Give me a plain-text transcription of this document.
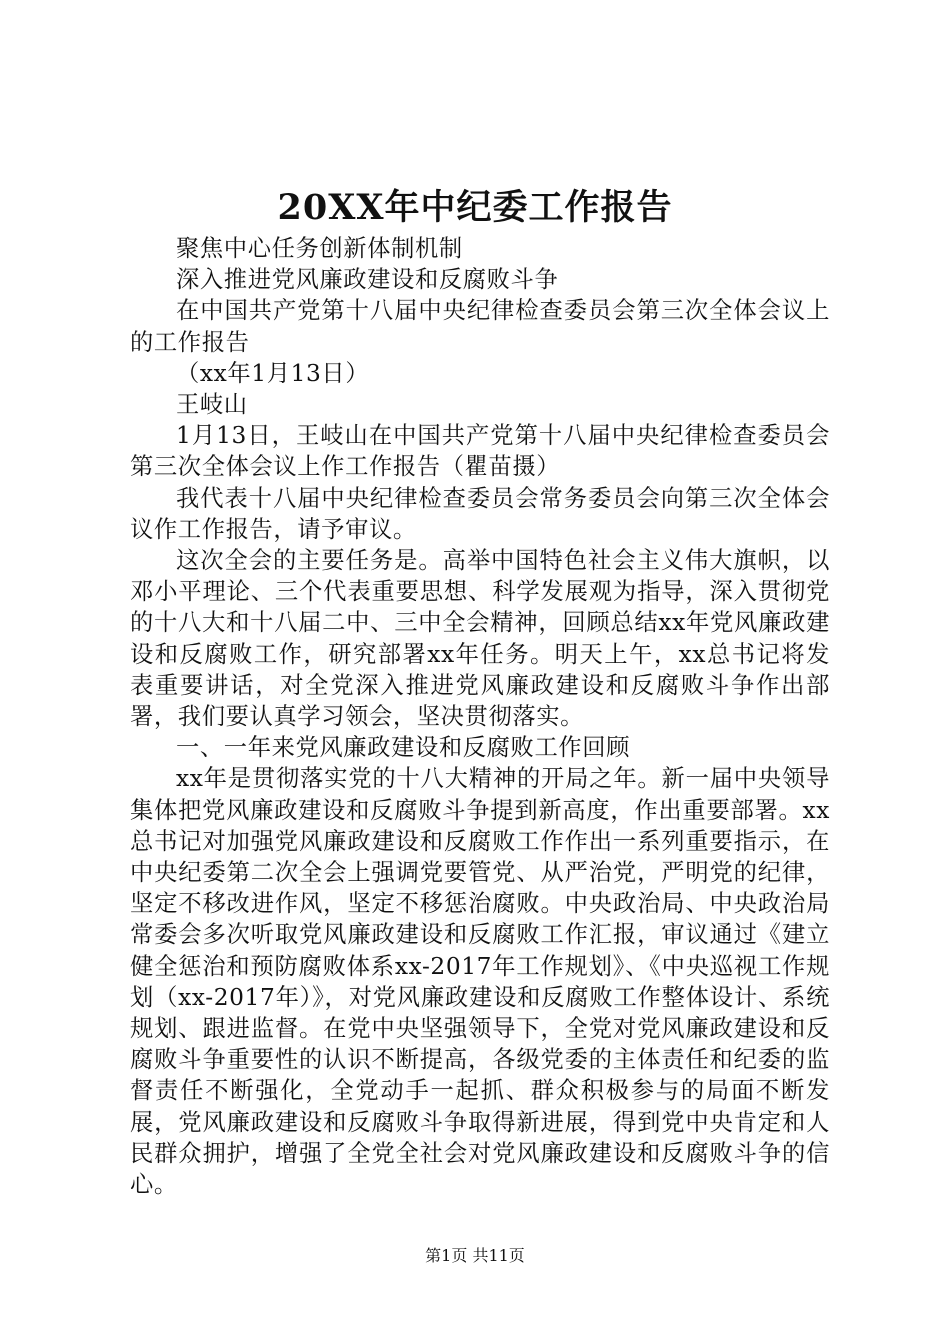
20XX年中纪委工作报告

聚焦中心任务创新体制机制

深入推进党风廉政建设和反腐败斗争

在中国共产党第十八届中央纪律检查委员会第三次全体会议上的工作报告

（xx年1月13日）

王岐山

1月13日，王岐山在中国共产党第十八届中央纪律检查委员会第三次全体会议上作工作报告（瞿苗摄）

我代表十八届中央纪律检查委员会常务委员会向第三次全体会议作工作报告，请予审议。

这次全会的主要任务是。高举中国特色社会主义伟大旗帜，以邓小平理论、三个代表重要思想、科学发展观为指导，深入贯彻党的十八大和十八届二中、三中全会精神，回顾总结xx年党风廉政建设和反腐败工作，研究部署xx年任务。明天上午，xx总书记将发表重要讲话，对全党深入推进党风廉政建设和反腐败斗争作出部署，我们要认真学习领会，坚决贯彻落实。

一、一年来党风廉政建设和反腐败工作回顾

xx年是贯彻落实党的十八大精神的开局之年。新一届中央领导集体把党风廉政建设和反腐败斗争提到新高度，作出重要部署。xx总书记对加强党风廉政建设和反腐败工作作出一系列重要指示，在中央纪委第二次全会上强调党要管党、从严治党，严明党的纪律，坚定不移改进作风，坚定不移惩治腐败。中央政治局、中央政治局常委会多次听取党风廉政建设和反腐败工作汇报，审议通过《建立健全惩治和预防腐败体系xx-2017年工作规划》、《中央巡视工作规划（xx-2017年）》，对党风廉政建设和反腐败工作整体设计、系统规划、跟进监督。在党中央坚强领导下，全党对党风廉政建设和反腐败斗争重要性的认识不断提高，各级党委的主体责任和纪委的监督责任不断强化，全党动手一起抓、群众积极参与的局面不断发展，党风廉政建设和反腐败斗争取得新进展，得到党中央肯定和人民群众拥护，增强了全党全社会对党风廉政建设和反腐败斗争的信心。

第1页 共11页
